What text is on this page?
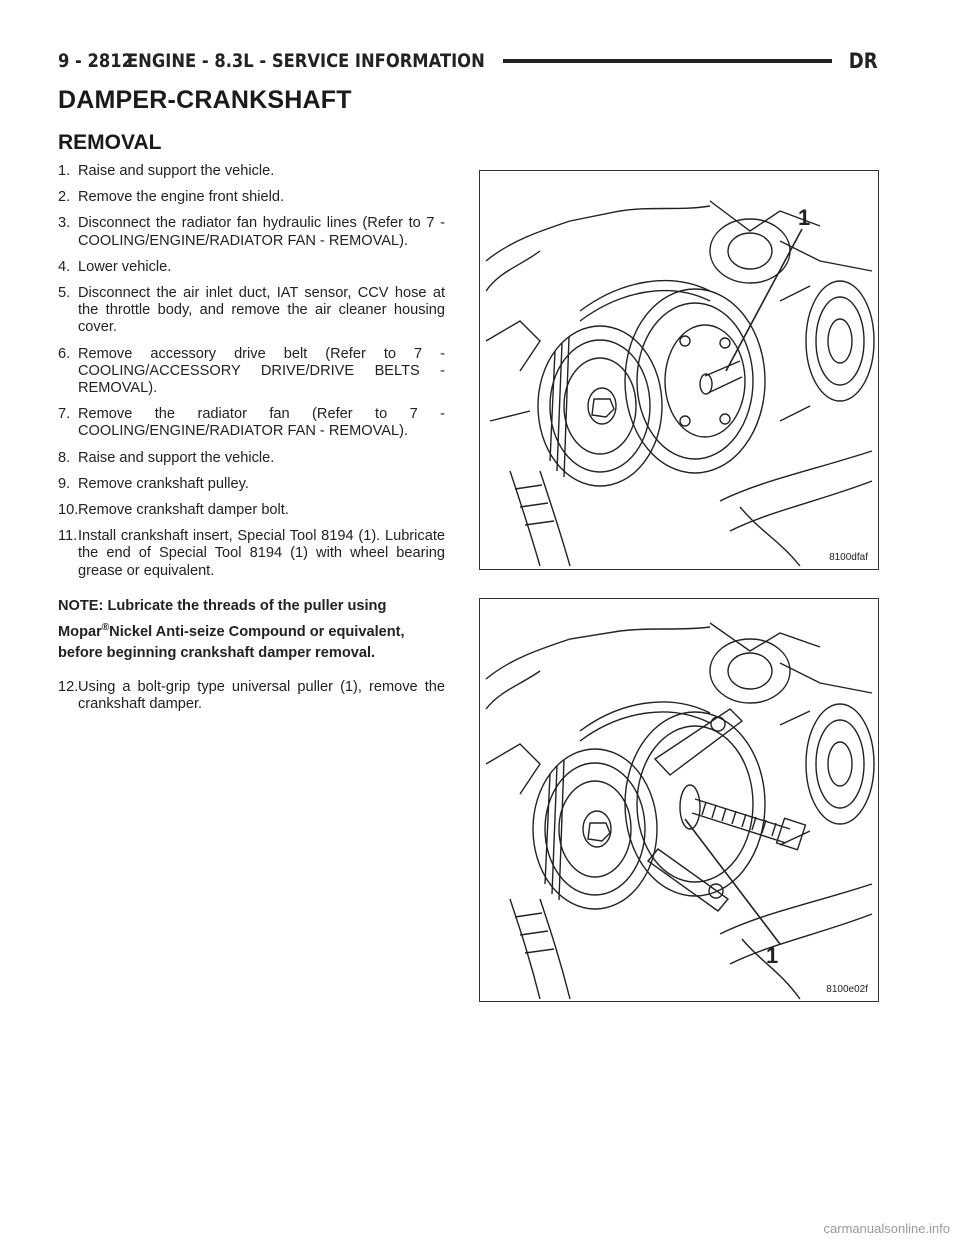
9 - 2812
ENGINE - 8.3L - SERVICE INFORMATION	DR
DAMPER-CRANKSHAFT
REMOVAL
1. Raise and support the vehicle.
2. Remove the engine front shield.
3. Disconnect the radiator fan hydraulic lines (Refer to 7 - COOLING/ENGINE/RADIATOR FAN - REMOVAL).
4. Lower vehicle.
5. Disconnect the air inlet duct, IAT sensor, CCV hose at the throttle body, and remove the air cleaner housing cover.
6. Remove accessory drive belt (Refer to 7 - COOLING/ACCESSORY DRIVE/DRIVE BELTS - REMOVAL).
7. Remove the radiator fan (Refer to 7 - COOLING/ENGINE/RADIATOR FAN - REMOVAL).
8. Raise and support the vehicle.
9. Remove crankshaft pulley.
10. Remove crankshaft damper bolt.
11. Install crankshaft insert, Special Tool 8194 (1). Lubricate the end of Special Tool 8194 (1) with wheel bearing grease or equivalent.

NOTE: Lubricate the threads of the puller using Mopar®Nickel Anti-seize Compound or equivalent, before beginning crankshaft damper removal.

12. Using a bolt-grip type universal puller (1), remove the crankshaft damper.
1
8100dfaf
1
8100e02f
carmanualsonline.info
